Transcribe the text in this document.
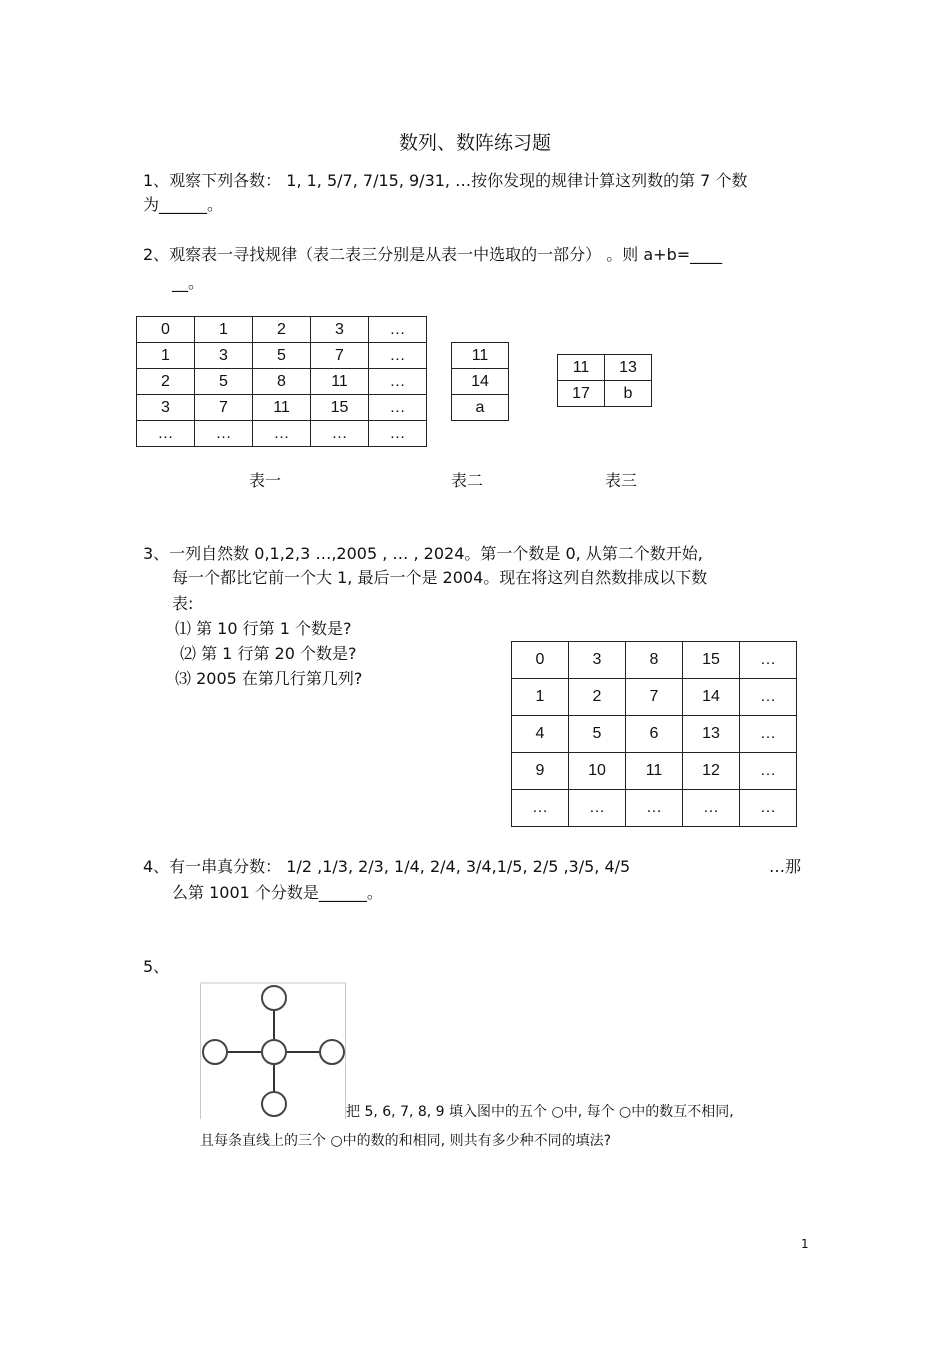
数列、数阵练习题
1、观察下列各数： 1, 1, 5/7, 7/15, 9/31, …按你发现的规律计算这列数的第 7 个数
为______。
2、观察表一寻找规律（表二表三分别是从表一中选取的一部分） 。则 a+b=____
__。
0	1	2	3	…
1	3	5	7	…
2	5	8	11	…
3	7	11	15	…
…	…	…	…	…
11
14
a
11	13
17	b
表一	表二	表三
3、一列自然数 0,1,2,3 …,2005 , … , 2024。第一个数是 0, 从第二个数开始,
每一个都比它前一个大 1, 最后一个是 2004。现在将这列自然数排成以下数
表:
⑴ 第 10 行第 1 个数是?
⑵ 第 1 行第 20 个数是?
⑶ 2005 在第几行第几列?
0	3	8	15	…
1	2	7	14	…
4	5	6	13	…
9	10	11	12	…
…	…	…	…	…
4、有一串真分数： 1/2 ,1/3, 2/3, 1/4, 2/4, 3/4,1/5, 2/5 ,3/5, 4/5	…那
么第 1001 个分数是______。
5、
把 5, 6, 7, 8, 9 填入图中的五个 ○中, 每个 ○中的数互不相同,
且每条直线上的三个 ○中的数的和相同, 则共有多少种不同的填法?
1
